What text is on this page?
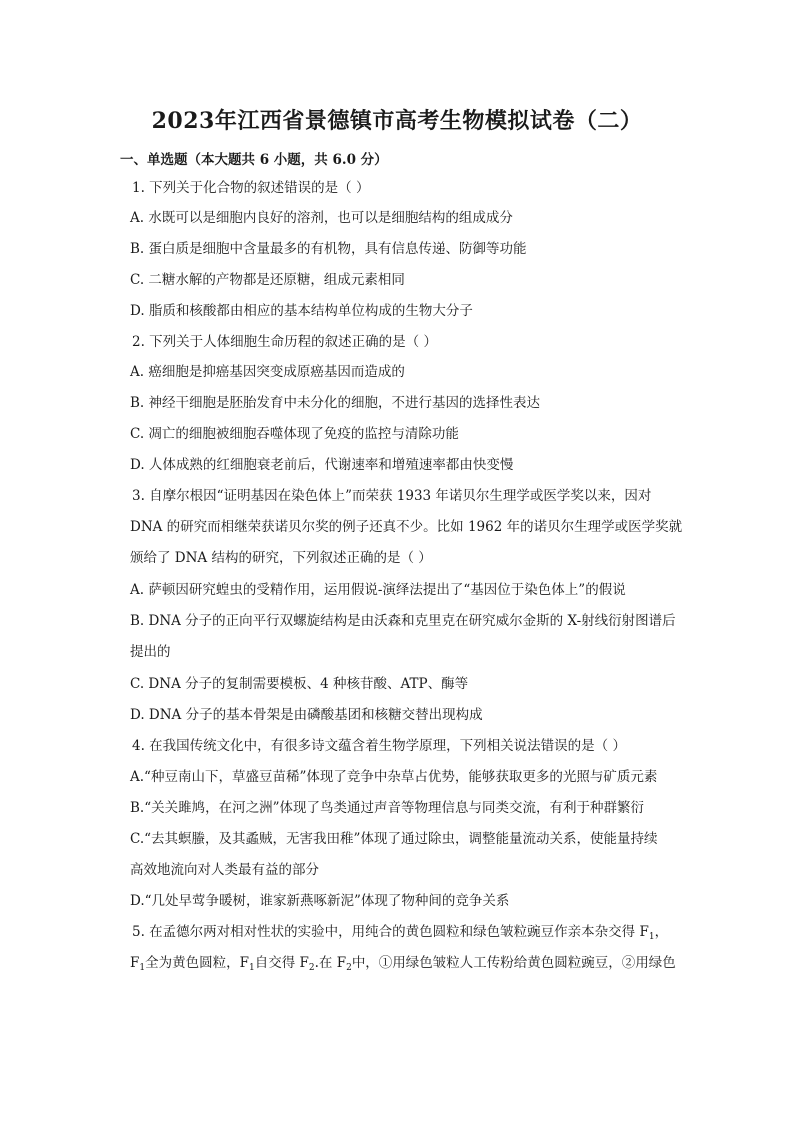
2023年江西省景德镇市高考生物模拟试卷（二）
一、单选题（本大题共 6 小题，共 6.0 分）
1. 下列关于化合物的叙述错误的是（ ）
A. 水既可以是细胞内良好的溶剂，也可以是细胞结构的组成成分
B. 蛋白质是细胞中含量最多的有机物，具有信息传递、防御等功能
C. 二糖水解的产物都是还原糖，组成元素相同
D. 脂质和核酸都由相应的基本结构单位构成的生物大分子
2. 下列关于人体细胞生命历程的叙述正确的是（ ）
A. 癌细胞是抑癌基因突变成原癌基因而造成的
B. 神经干细胞是胚胎发育中未分化的细胞，不进行基因的选择性表达
C. 凋亡的细胞被细胞吞噬体现了免疫的监控与清除功能
D. 人体成熟的红细胞衰老前后，代谢速率和增殖速率都由快变慢
3. 自摩尔根因“证明基因在染色体上”而荣获 1933 年诺贝尔生理学或医学奖以来，因对
DNA 的研究而相继荣获诺贝尔奖的例子还真不少。比如 1962 年的诺贝尔生理学或医学奖就
颁给了 DNA 结构的研究，下列叙述正确的是（ ）
A. 萨顿因研究蝗虫的受精作用，运用假说-演绎法提出了“基因位于染色体上”的假说
B. DNA 分子的正向平行双螺旋结构是由沃森和克里克在研究威尔金斯的 X-射线衍射图谱后
提出的
C. DNA 分子的复制需要模板、4 种核苷酸、ATP、酶等
D. DNA 分子的基本骨架是由磷酸基团和核糖交替出现构成
4. 在我国传统文化中，有很多诗文蕴含着生物学原理，下列相关说法错误的是（ ）
A.“种豆南山下，草盛豆苗稀”体现了竞争中杂草占优势，能够获取更多的光照与矿质元素
B.“关关雎鸠，在河之洲”体现了鸟类通过声音等物理信息与同类交流，有利于种群繁衍
C.“去其螟螣，及其蟊贼，无害我田稚”体现了通过除虫，调整能量流动关系，使能量持续
高效地流向对人类最有益的部分
D.“几处早莺争暖树，谁家新燕啄新泥”体现了物种间的竞争关系
5. 在孟德尔两对相对性状的实验中，用纯合的黄色圆粒和绿色皱粒豌豆作亲本杂交得 $F_1$，
$F_1$全为黄色圆粒，$F_1$自交得 $F_2$.在 $F_2$中，①用绿色皱粒人工传粉给黄色圆粒豌豆，②用绿色
